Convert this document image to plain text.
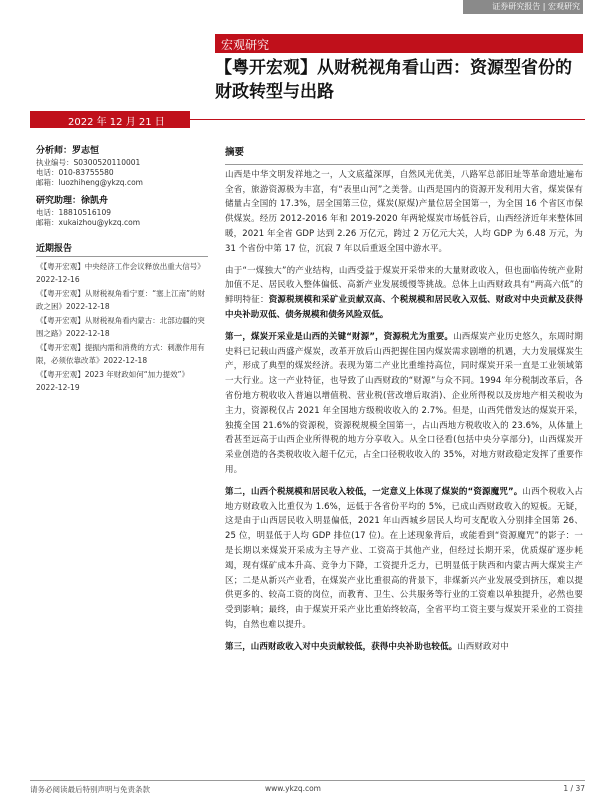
证券研究报告 | 宏观研究
宏观研究
【粤开宏观】从财税视角看山西：资源型省份的财政转型与出路
2022 年 12 月 21 日
分析师：罗志恒
执业编号：S0300520110001
电话：010-83755580
邮箱：luozhiheng@ykzq.com
研究助理：徐凯舟
电话：18810516109
邮箱：xukaizhou@ykzq.com
近期报告
《【粤开宏观】中央经济工作会议释放出重大信号》2022-12-16
《【粤开宏观】从财税视角看宁夏：“塞上江南”的财政之困》2022-12-18
《【粤开宏观】从财税视角看内蒙古：北部边疆的突围之路》2022-12-18
《【粤开宏观】提振内需和消费的方式：刺激作用有限，必须依靠改革》2022-12-18
《【粤开宏观】2023 年财政如何“加力提效”》2022-12-19
摘要

山西是中华文明发祥地之一，人文底蕴深厚，自然风光优美，八路军总部旧址等革命遗址遍布全省，旅游资源极为丰富，有“表里山河”之美誉。山西是国内的资源开发利用大省，煤炭保有储量占全国的 17.3%，居全国第三位，煤炭(原煤)产量位居全国第一，为全国 16 个省区市保供煤炭。经历 2012-2016 年和 2019-2020 年两轮煤炭市场低谷后，山西经济近年来整体回暖，2021 年全省 GDP 达到 2.26 万亿元，跨过 2 万亿元大关，人均 GDP 为 6.48 万元，为 31 个省份中第 17 位，沉寂 7 年以后重返全国中游水平。

由于“一煤独大”的产业结构，山西受益于煤炭开采带来的大量财政收入，但也面临传统产业附加值不足、居民收入整体偏低、高新产业发展缓慢等挑战。总体上山西财政具有“两高六低”的鲜明特征：资源税规模和采矿业贡献双高、个税规模和居民收入双低、财政对中央贡献及获得中央补助双低、债务规模和债务风险双低。

第一，煤炭开采业是山西的关键“财源”，资源税尤为重要。山西煤炭产业历史悠久，东周时期史料已记载山西盛产煤炭，改革开放后山西把握住国内煤炭需求剧增的机遇，大力发展煤炭生产，形成了典型的煤炭经济。表现为第二产业比重维持高位，同时煤炭开采一直是工业领域第一大行业。这一产业特征，也导致了山西财政的“财源”与众不同。1994 年分税制改革后，各省份地方税收收入普遍以增值税、营业税(营改增后取消)、企业所得税以及房地产相关税收为主力，资源税仅占 2021 年全国地方级税收收入的 2.7%。但是，山西凭借发达的煤炭开采，独揽全国 21.6%的资源税，资源税规模全国第一，占山西地方税收收入的 23.6%，从体量上看甚至远高于山西企业所得税的地方分享收入。从全口径看(包括中央分享部分)，山西煤炭开采业创造的各类税收收入超千亿元，占全口径税收收入的 35%，对地方财政稳定发挥了重要作用。

第二，山西个税规模和居民收入较低，一定意义上体现了煤炭的“资源魔咒”。山西个税收入占地方财政收入比重仅为 1.6%，远低于各省份平均的 5%，已成山西财政收入的短板。无疑，这是由于山西居民收入明显偏低，2021 年山西城乡居民人均可支配收入分别排全国第 26、25 位，明显低于人均 GDP 排位(17 位)。在上述现象背后，或能看到“资源魔咒”的影子：一是长期以来煤炭开采成为主导产业、工资高于其他产业，但经过长期开采，优质煤矿逐步耗竭，现有煤矿成本升高、竞争力下降，工资提升乏力，已明显低于陕西和内蒙古两大煤炭主产区；二是从新兴产业看，在煤炭产业比重很高的背景下，非煤新兴产业发展受到挤压，难以提供更多的、较高工资的岗位，而教育、卫生、公共服务等行业的工资难以单独提升，必然也要受到影响；最终，由于煤炭开采产业比重始终较高，全省平均工资主要与煤炭开采业的工资挂钩，自然也难以提升。

第三，山西财政收入对中央贡献较低，获得中央补助也较低。山西财政对中

请务必阅读最后特别声明与免责条款	www.ykzq.com	1 / 37
